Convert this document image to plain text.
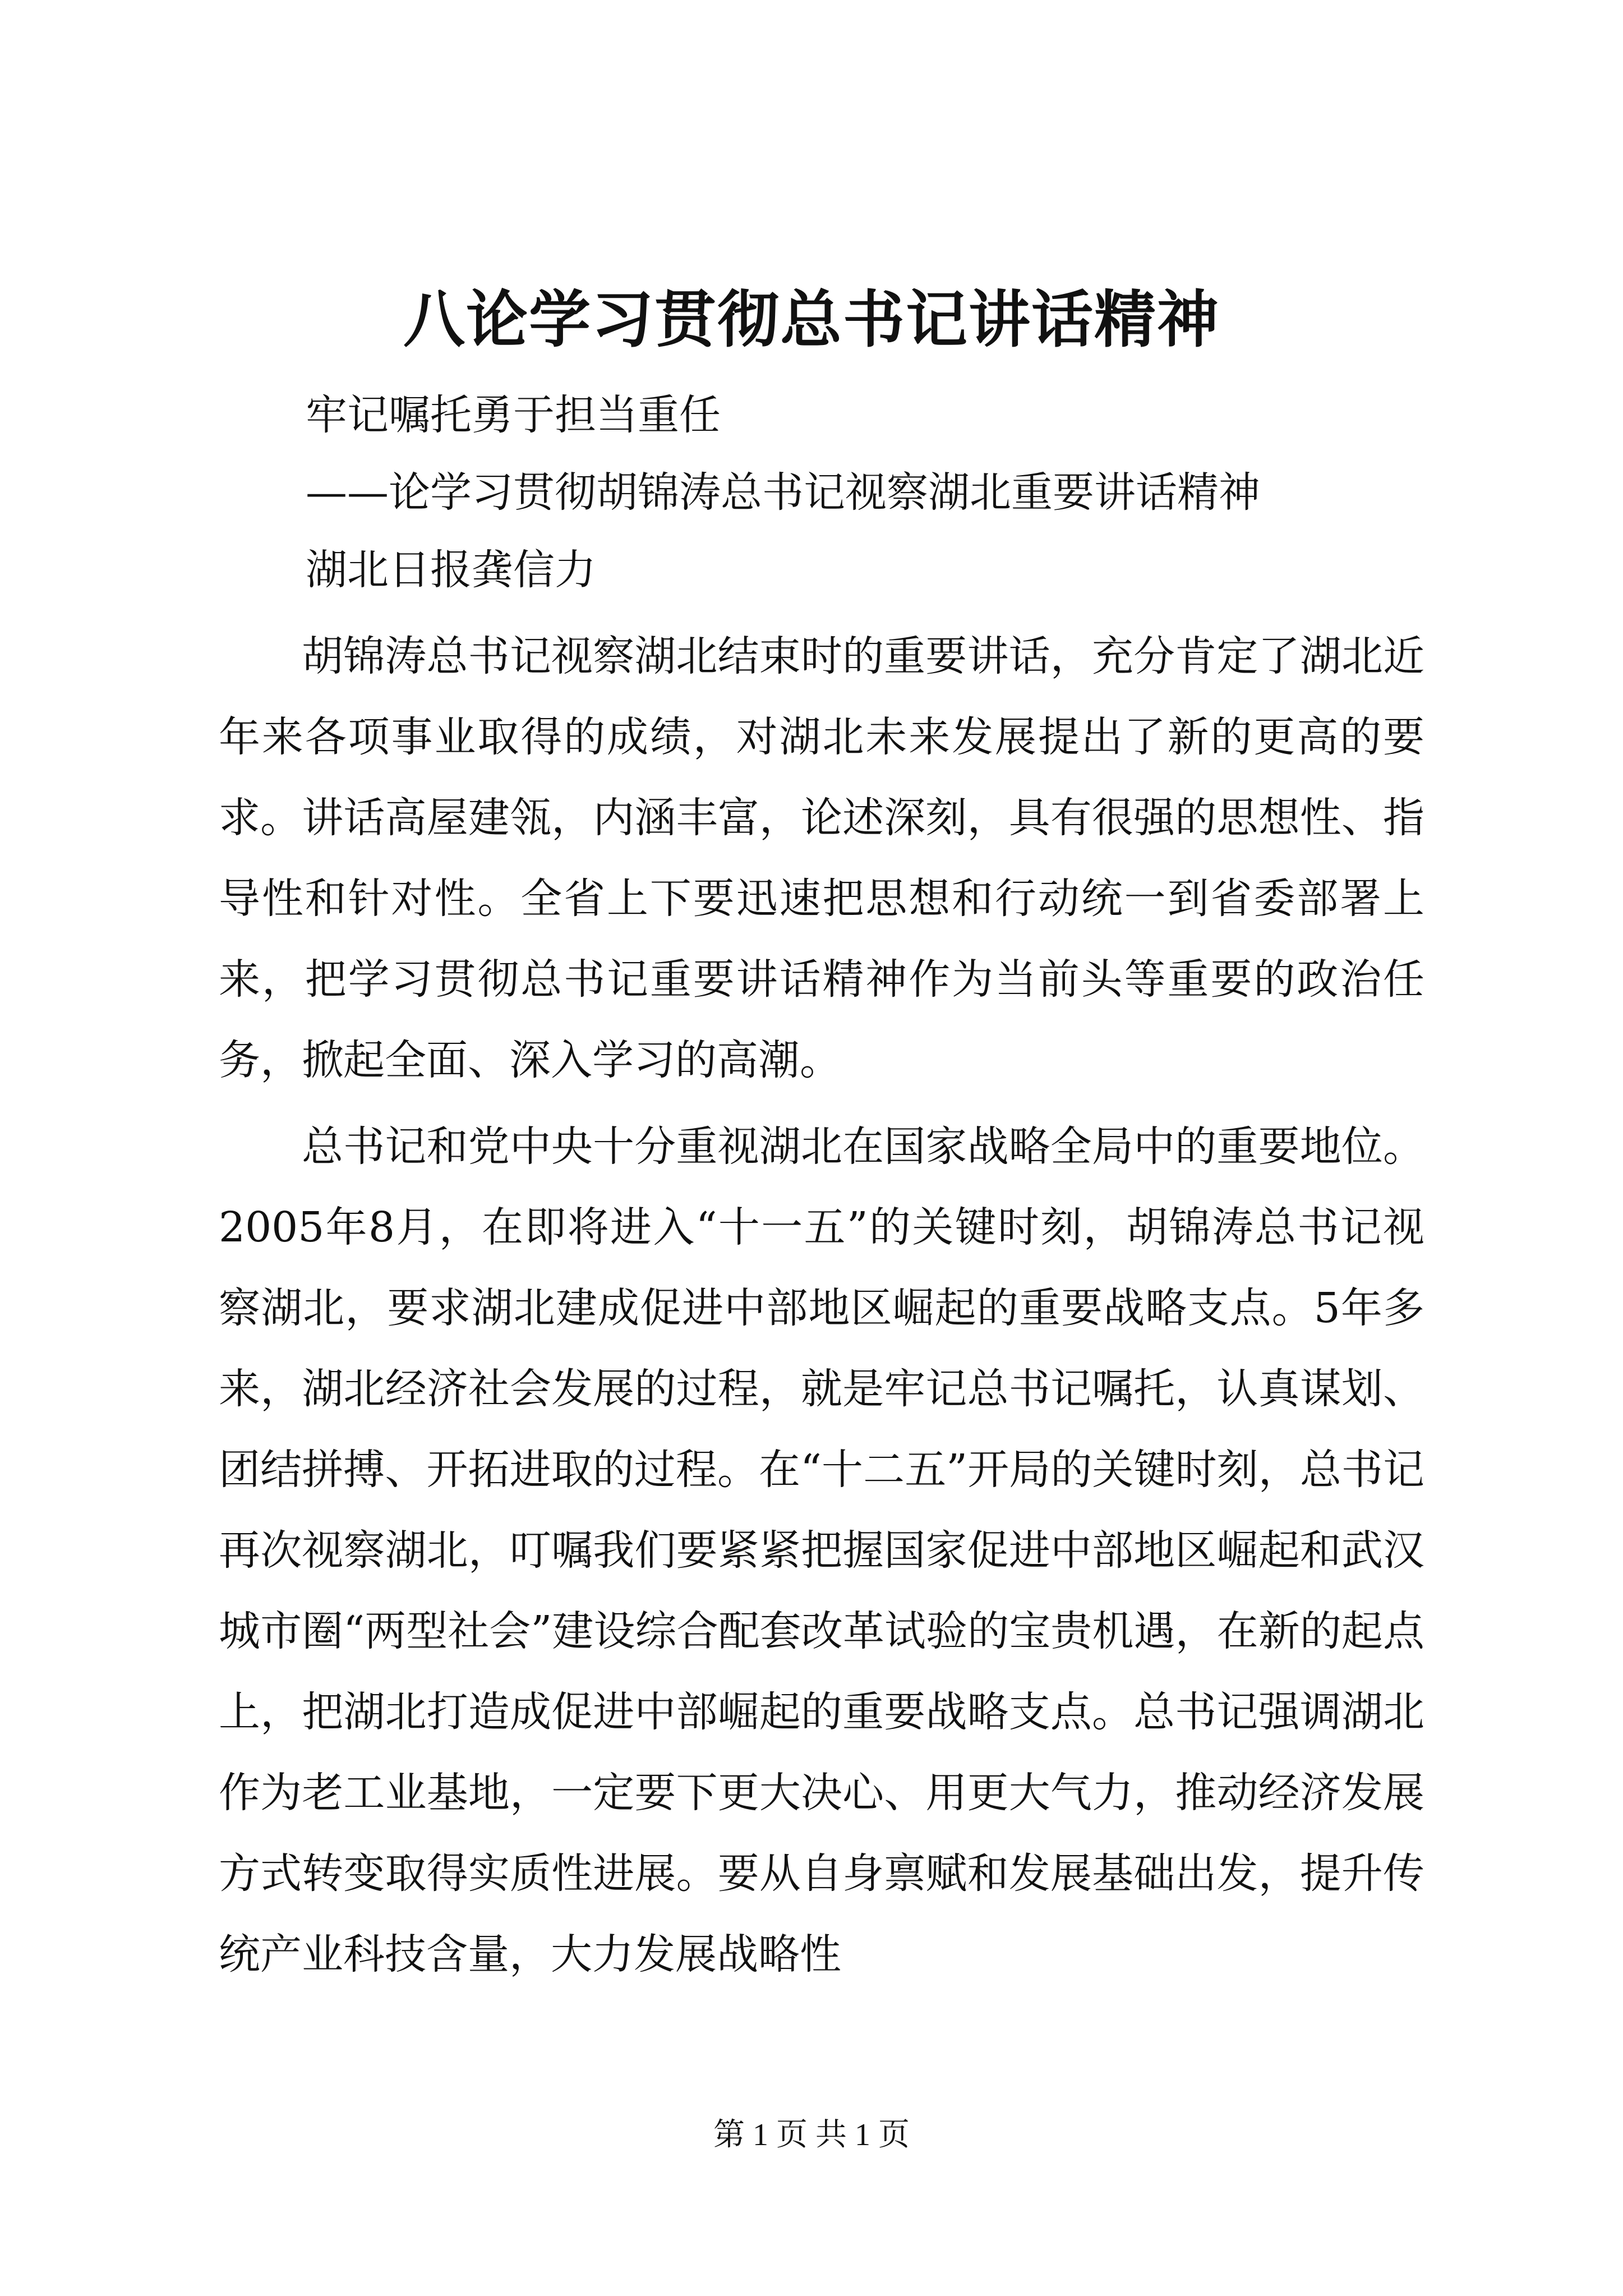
八论学习贯彻总书记讲话精神
牢记嘱托勇于担当重任
——论学习贯彻胡锦涛总书记视察湖北重要讲话精神
湖北日报龚信力

胡锦涛总书记视察湖北结束时的重要讲话，充分肯定了湖北近年来各项事业取得的成绩，对湖北未来发展提出了新的更高的要求。讲话高屋建瓴，内涵丰富，论述深刻，具有很强的思想性、指导性和针对性。全省上下要迅速把思想和行动统一到省委部署上来，把学习贯彻总书记重要讲话精神作为当前头等重要的政治任务，掀起全面、深入学习的高潮。

总书记和党中央十分重视湖北在国家战略全局中的重要地位。2005年8月，在即将进入“十一五”的关键时刻，胡锦涛总书记视察湖北，要求湖北建成促进中部地区崛起的重要战略支点。5年多来，湖北经济社会发展的过程，就是牢记总书记嘱托，认真谋划、团结拼搏、开拓进取的过程。在“十二五”开局的关键时刻，总书记再次视察湖北，叮嘱我们要紧紧把握国家促进中部地区崛起和武汉城市圈“两型社会”建设综合配套改革试验的宝贵机遇，在新的起点上，把湖北打造成促进中部崛起的重要战略支点。总书记强调湖北作为老工业基地，一定要下更大决心、用更大气力，推动经济发展方式转变取得实质性进展。要从自身禀赋和发展基础出发，提升传统产业科技含量，大力发展战略性

第 1 页 共 1 页
